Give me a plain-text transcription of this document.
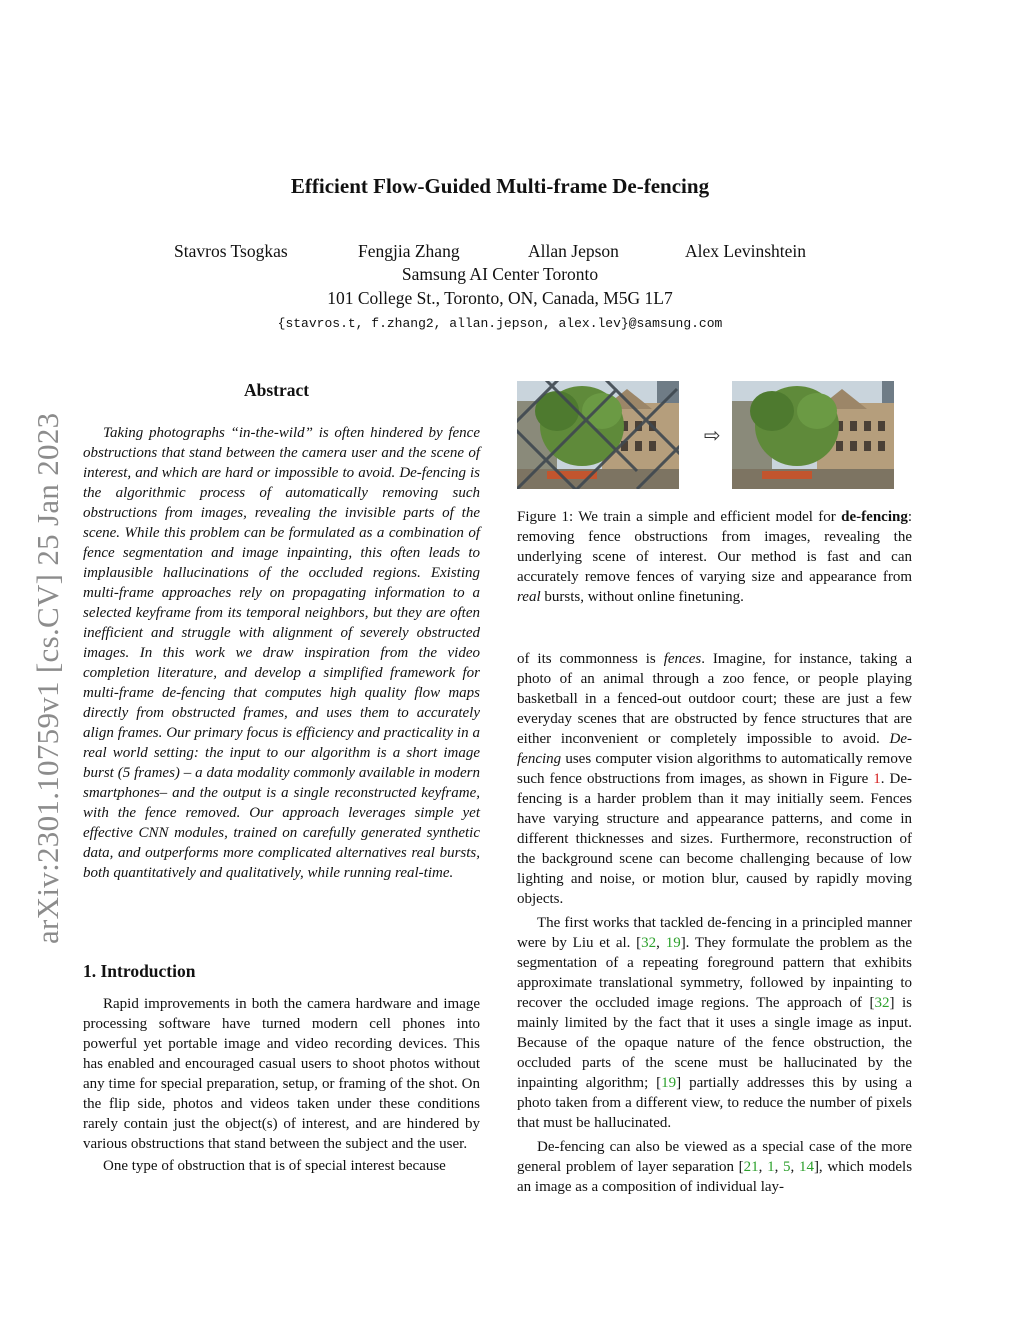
arXiv:2301.10759v1 [cs.CV] 25 Jan 2023
Efficient Flow-Guided Multi-frame De-fencing
Stavros Tsogkas	Fengjia Zhang	Allan Jepson	Alex Levinshtein
Samsung AI Center Toronto
101 College St., Toronto, ON, Canada, M5G 1L7
{stavros.t, f.zhang2, allan.jepson, alex.lev}@samsung.com
Abstract

Taking photographs “in-the-wild” is often hindered by fence obstructions that stand between the camera user and the scene of interest, and which are hard or impossible to avoid. De-fencing is the algorithmic process of automatically removing such obstructions from images, revealing the invisible parts of the scene. While this problem can be formulated as a combination of fence segmentation and image inpainting, this often leads to implausible hallucinations of the occluded regions. Existing multi-frame approaches rely on propagating information to a selected keyframe from its temporal neighbors, but they are often inefficient and struggle with alignment of severely obstructed images. In this work we draw inspiration from the video completion literature, and develop a simplified framework for multi-frame de-fencing that computes high quality flow maps directly from obstructed frames, and uses them to accurately align frames. Our primary focus is efficiency and practicality in a real world setting: the input to our algorithm is a short image burst (5 frames) – a data modality commonly available in modern smartphones– and the output is a single reconstructed keyframe, with the fence removed. Our approach leverages simple yet effective CNN modules, trained on carefully generated synthetic data, and outperforms more complicated alternatives real bursts, both quantitatively and qualitatively, while running real-time.

1. Introduction

Rapid improvements in both the camera hardware and image processing software have turned modern cell phones into powerful yet portable image and video recording devices. This has enabled and encouraged casual users to shoot photos without any time for special preparation, setup, or framing of the shot. On the flip side, photos and videos taken under these conditions rarely contain just the object(s) of interest, and are hindered by various obstructions that stand between the subject and the user.

One type of obstruction that is of special interest because

⇨

Figure 1: We train a simple and efficient model for de-fencing: removing fence obstructions from images, revealing the underlying scene of interest. Our method is fast and can accurately remove fences of varying size and appearance from real bursts, without online finetuning.

of its commonness is fences. Imagine, for instance, taking a photo of an animal through a zoo fence, or people playing basketball in a fenced-out outdoor court; these are just a few everyday scenes that are obstructed by fence structures that are either inconvenient or completely impossible to avoid. De-fencing uses computer vision algorithms to automatically remove such fence obstructions from images, as shown in Figure 1. De-fencing is a harder problem than it may initially seem. Fences have varying structure and appearance patterns, and come in different thicknesses and sizes. Furthermore, reconstruction of the background scene can become challenging because of low lighting and noise, or motion blur, caused by rapidly moving objects.

The first works that tackled de-fencing in a principled manner were by Liu et al. [32, 19]. They formulate the problem as the segmentation of a repeating foreground pattern that exhibits approximate translational symmetry, followed by inpainting to recover the occluded image regions. The approach of [32] is mainly limited by the fact that it uses a single image as input. Because of the opaque nature of the fence obstruction, the occluded parts of the scene must be hallucinated by the inpainting algorithm; [19] partially addresses this by using a photo taken from a different view, to reduce the number of pixels that must be hallucinated.

De-fencing can also be viewed as a special case of the more general problem of layer separation [21, 1, 5, 14], which models an image as a composition of individual lay-
